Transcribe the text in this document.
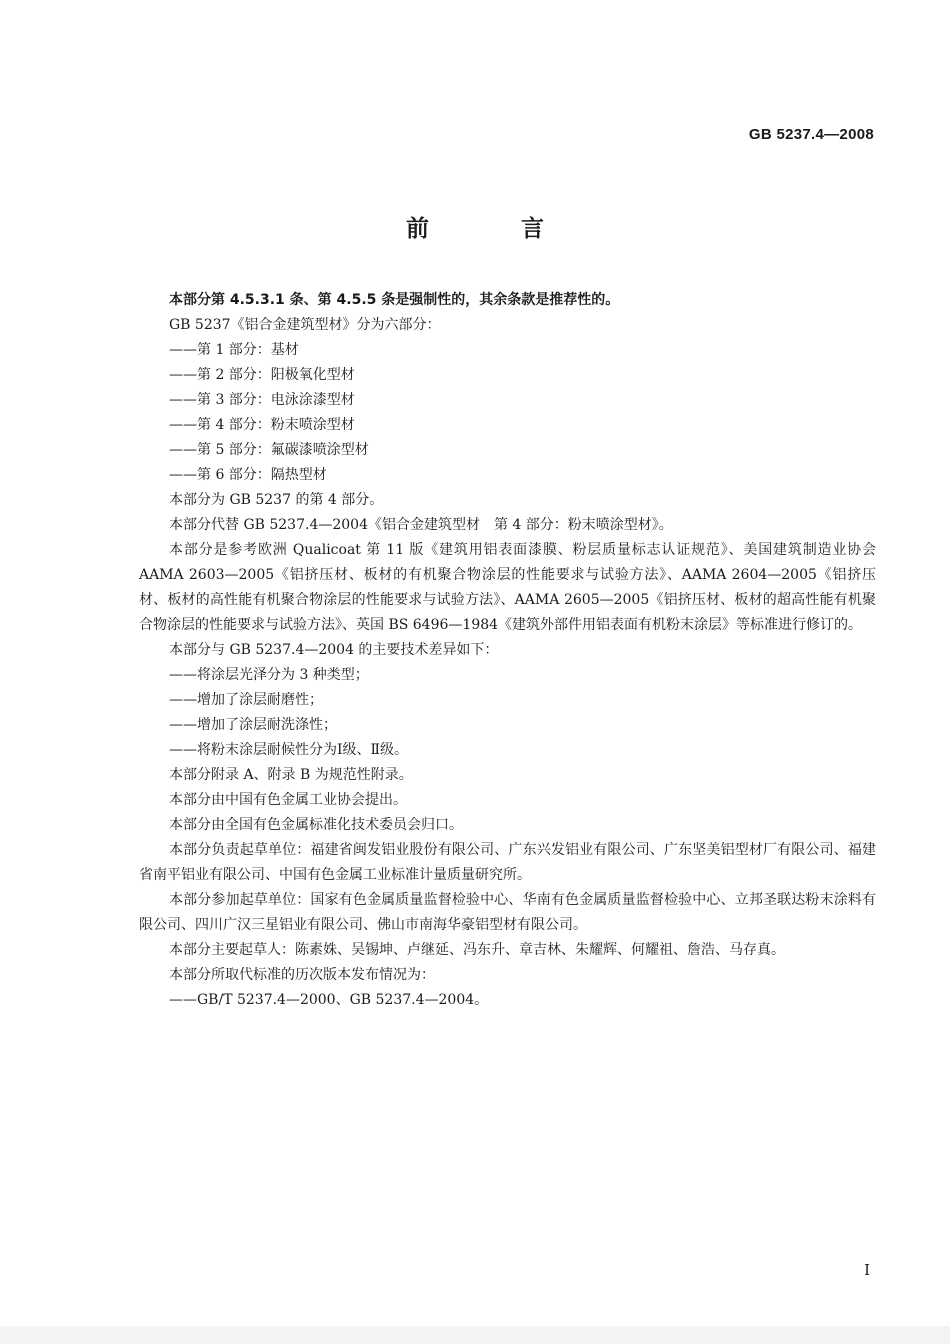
GB 5237.4—2008
前 言

本部分第 4.5.3.1 条、第 4.5.5 条是强制性的，其余条款是推荐性的。

GB 5237《铝合金建筑型材》分为六部分：

——第 1 部分：基材

——第 2 部分：阳极氧化型材

——第 3 部分：电泳涂漆型材

——第 4 部分：粉末喷涂型材

——第 5 部分：氟碳漆喷涂型材

——第 6 部分：隔热型材

本部分为 GB 5237 的第 4 部分。

本部分代替 GB 5237.4—2004《铝合金建筑型材　第 4 部分：粉末喷涂型材》。

本部分是参考欧洲 Qualicoat 第 11 版《建筑用铝表面漆膜、粉层质量标志认证规范》、美国建筑制造业协会 AAMA 2603—2005《铝挤压材、板材的有机聚合物涂层的性能要求与试验方法》、AAMA 2604—2005《铝挤压材、板材的高性能有机聚合物涂层的性能要求与试验方法》、AAMA 2605—2005《铝挤压材、板材的超高性能有机聚合物涂层的性能要求与试验方法》、英国 BS 6496—1984《建筑外部件用铝表面有机粉末涂层》等标准进行修订的。

本部分与 GB 5237.4—2004 的主要技术差异如下：

——将涂层光泽分为 3 种类型；

——增加了涂层耐磨性；

——增加了涂层耐洗涤性；

——将粉末涂层耐候性分为Ⅰ级、Ⅱ级。

本部分附录 A、附录 B 为规范性附录。

本部分由中国有色金属工业协会提出。

本部分由全国有色金属标准化技术委员会归口。

本部分负责起草单位：福建省闽发铝业股份有限公司、广东兴发铝业有限公司、广东坚美铝型材厂有限公司、福建省南平铝业有限公司、中国有色金属工业标准计量质量研究所。

本部分参加起草单位：国家有色金属质量监督检验中心、华南有色金属质量监督检验中心、立邦圣联达粉末涂料有限公司、四川广汉三星铝业有限公司、佛山市南海华豪铝型材有限公司。

本部分主要起草人：陈素姝、吴锡坤、卢继延、冯东升、章吉林、朱耀辉、何耀祖、詹浩、马存真。

本部分所取代标准的历次版本发布情况为：

——GB/T 5237.4—2000、GB 5237.4—2004。

I
